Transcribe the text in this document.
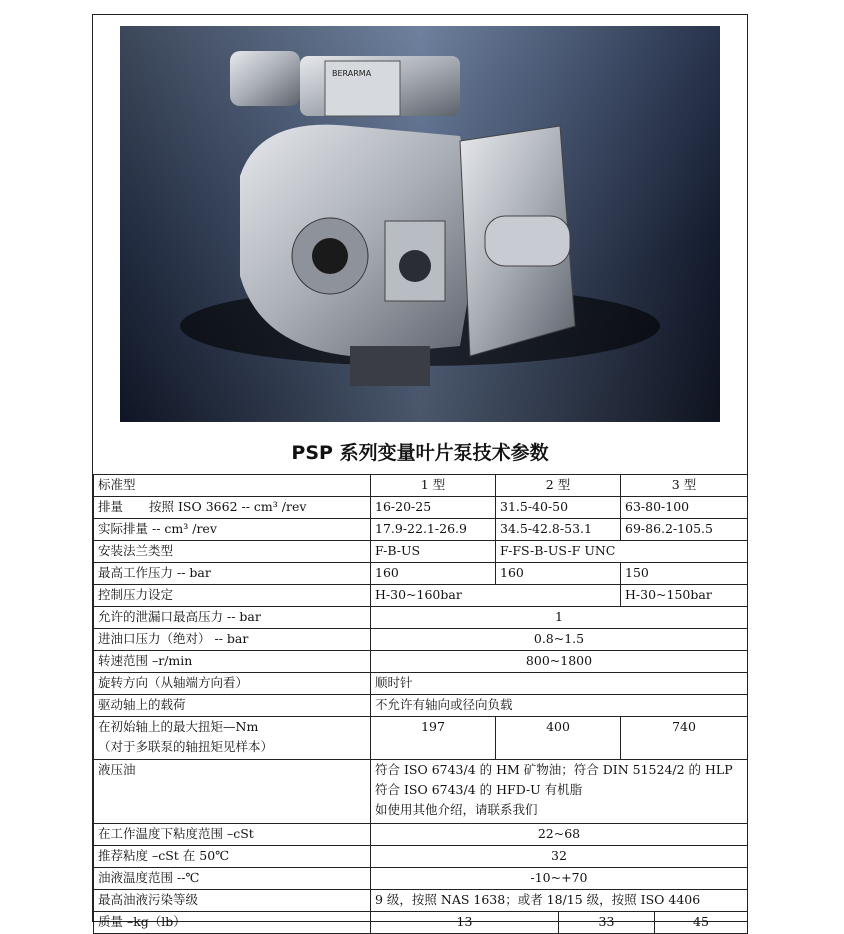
BERARMA
PSP 系列变量叶片泵技术参数
标准型	1 型	2 型		3 型	
排量 按照 ISO 3662 -- cm³ /rev	16-20-25	31.5-40-50		63-80-100	
实际排量 -- cm³ /rev	17.9-22.1-26.9	34.5-42.8-53.1		69-86.2-105.5	
安装法兰类型	F-B-US	F-FS-B-US-F UNC			
最高工作压力 -- bar	160	160		150	
控制压力设定	H-30~160bar			H-30~150bar	
允许的泄漏口最高压力 -- bar	1				
进油口压力（绝对） -- bar	0.8~1.5				
转速范围 –r/min	800~1800				
旋转方向（从轴端方向看）	顺时针				
驱动轴上的载荷	不允许有轴向或径向负载				

在初始轴上的最大扭矩—Nm
（对于多联泵的轴扭矩见样本）	197	400		740	
液压油	符合 ISO 6743/4 的 HM 矿物油；符合 DIN 51524/2 的 HLP
符合 ISO 6743/4 的 HFD-U 有机脂
如使用其他介绍，请联系我们				

在工作温度下粘度范围 –cSt	22~68				
推荐粘度 –cSt 在 50℃	32				
油液温度范围 --℃	-10~+70				
最高油液污染等级	9 级，按照 NAS 1638；或者 18/15 级，按照 ISO 4406				
质量 –kg（lb）	13		33		45
